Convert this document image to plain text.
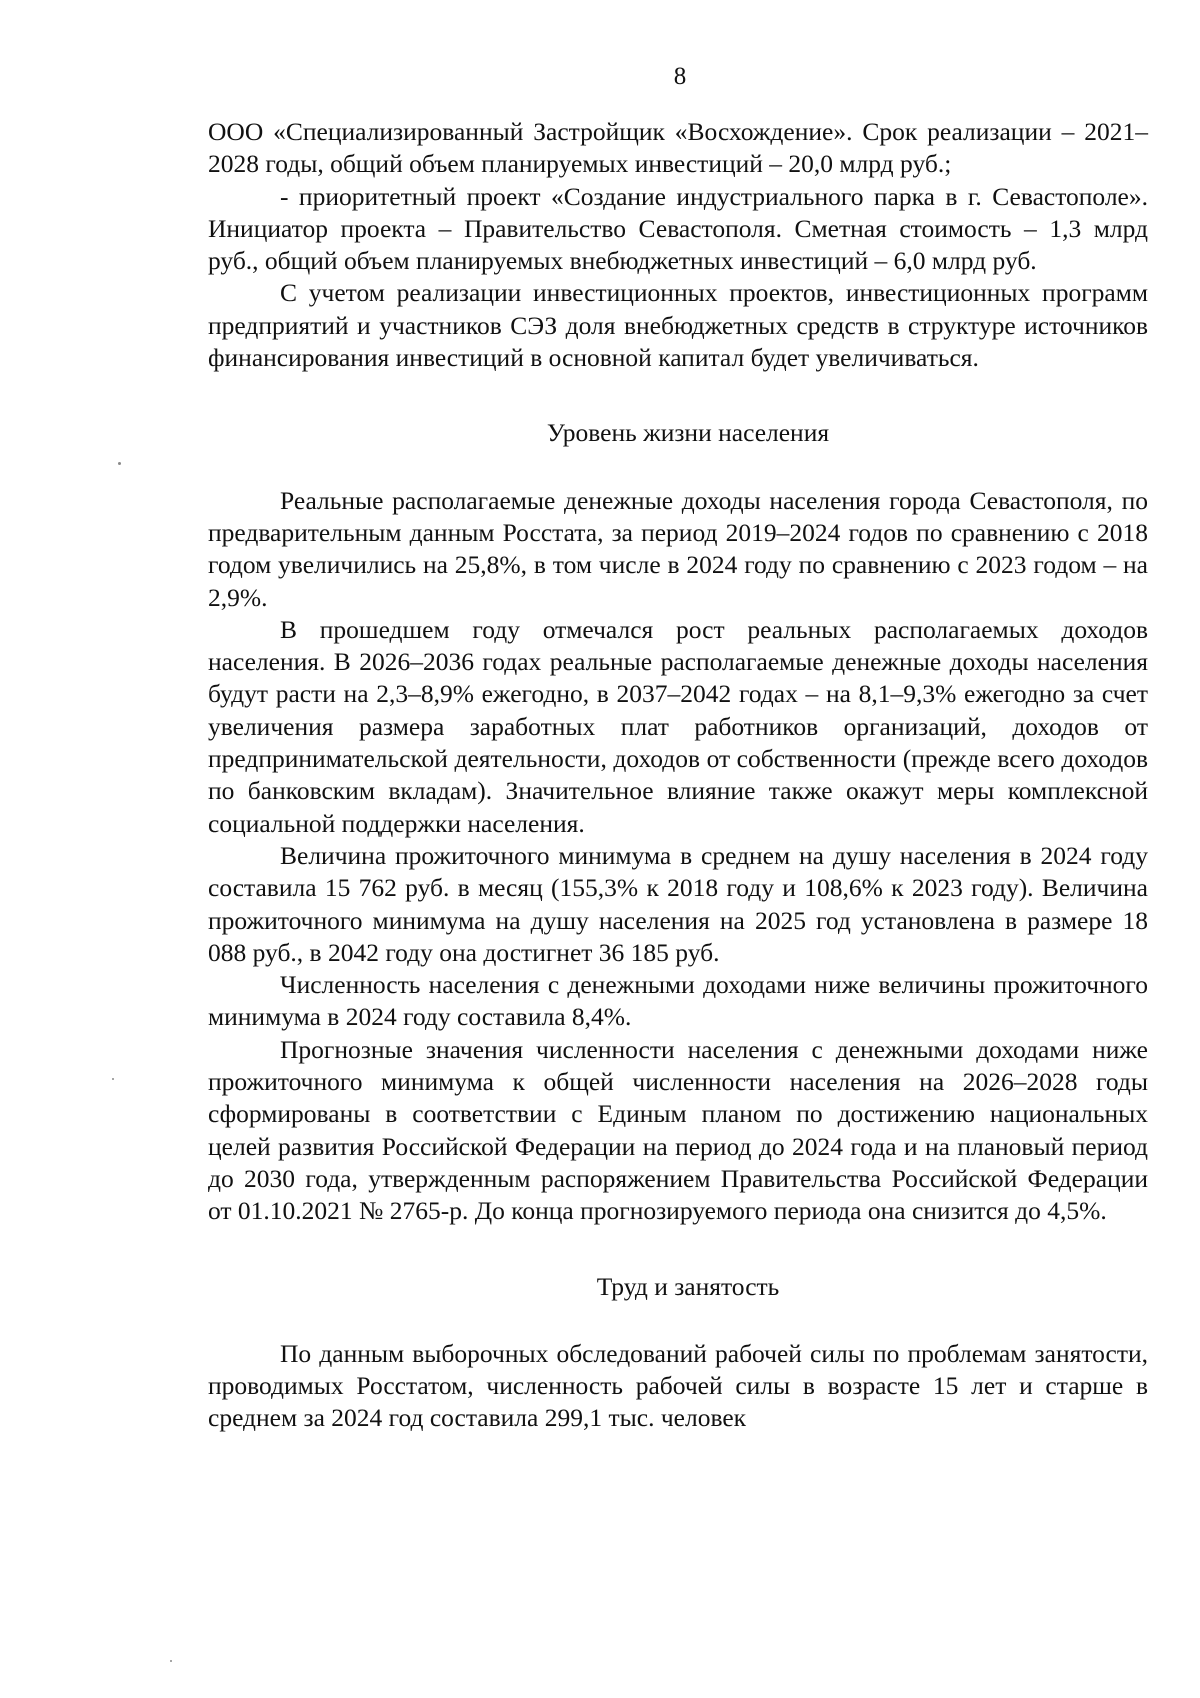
8

ООО «Специализированный Застройщик «Восхождение». Срок реализации – 2021–2028 годы, общий объем планируемых инвестиций – 20,0 млрд руб.;

- приоритетный проект «Создание индустриального парка в г. Севастополе». Инициатор проекта – Правительство Севастополя. Сметная стоимость – 1,3 млрд руб., общий объем планируемых внебюджетных инвестиций – 6,0 млрд руб.

С учетом реализации инвестиционных проектов, инвестиционных программ предприятий и участников СЭЗ доля внебюджетных средств в структуре источников финансирования инвестиций в основной капитал будет увеличиваться.

Уровень жизни населения

Реальные располагаемые денежные доходы населения города Севастополя, по предварительным данным Росстата, за период 2019–2024 годов по сравнению с 2018 годом увеличились на 25,8%, в том числе в 2024 году по сравнению с 2023 годом – на 2,9%.

В прошедшем году отмечался рост реальных располагаемых доходов населения. В 2026–2036 годах реальные располагаемые денежные доходы населения будут расти на 2,3–8,9% ежегодно, в 2037–2042 годах – на 8,1–9,3% ежегодно за счет увеличения размера заработных плат работников организаций, доходов от предпринимательской деятельности, доходов от собственности (прежде всего доходов по банковским вкладам). Значительное влияние также окажут меры комплексной социальной поддержки населения.

Величина прожиточного минимума в среднем на душу населения в 2024 году составила 15 762 руб. в месяц (155,3% к 2018 году и 108,6% к 2023 году). Величина прожиточного минимума на душу населения на 2025 год установлена в размере 18 088 руб., в 2042 году она достигнет 36 185 руб.

Численность населения с денежными доходами ниже величины прожиточного минимума в 2024 году составила 8,4%.

Прогнозные значения численности населения с денежными доходами ниже прожиточного минимума к общей численности населения на 2026–2028 годы сформированы в соответствии с Единым планом по достижению национальных целей развития Российской Федерации на период до 2024 года и на плановый период до 2030 года, утвержденным распоряжением Правительства Российской Федерации от 01.10.2021 № 2765-р. До конца прогнозируемого периода она снизится до 4,5%.

Труд и занятость

По данным выборочных обследований рабочей силы по проблемам занятости, проводимых Росстатом, численность рабочей силы в возрасте 15 лет и старше в среднем за 2024 год составила 299,1 тыс. человек
